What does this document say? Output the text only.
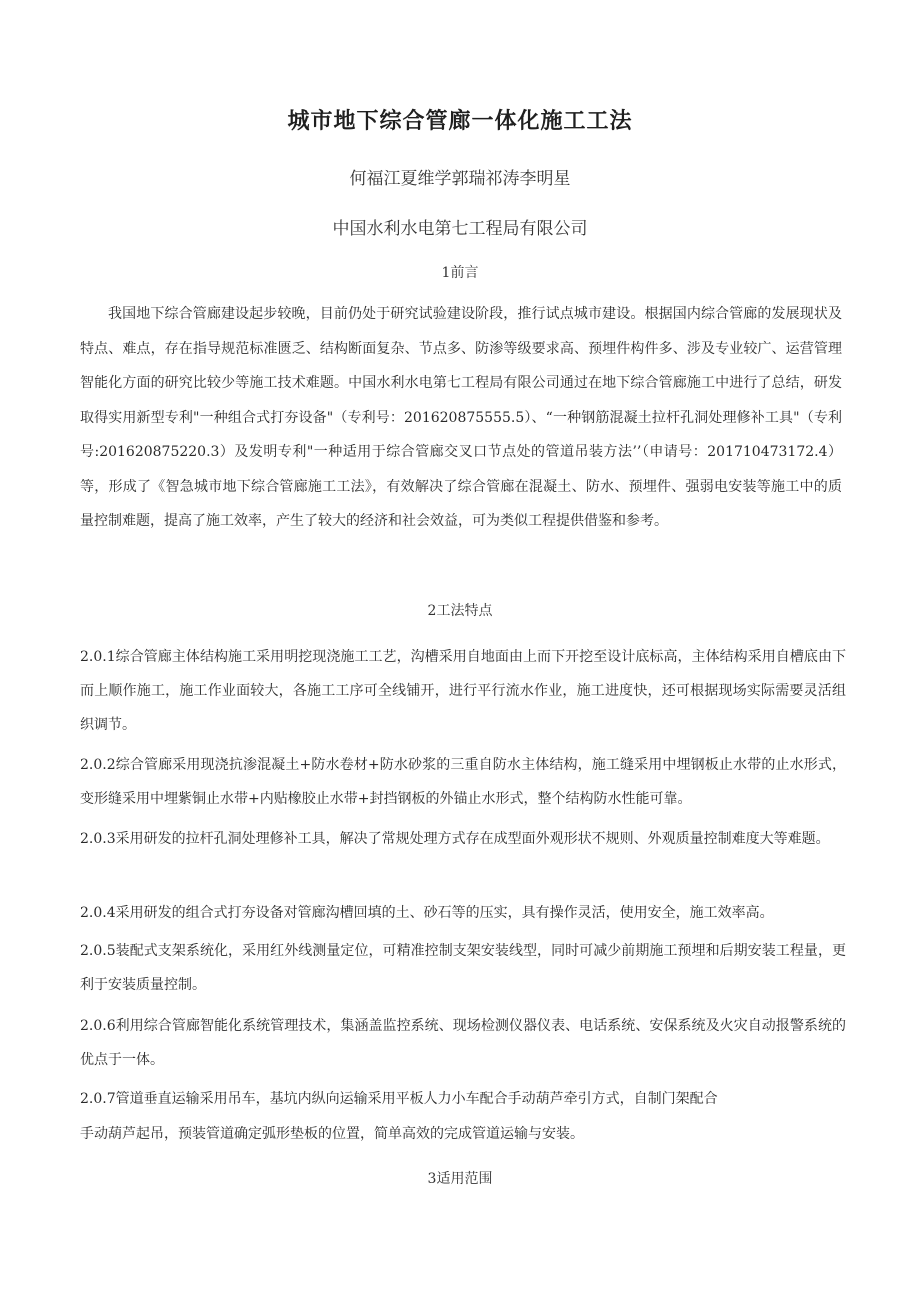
城市地下综合管廊一体化施工工法
何福江夏维学郭瑞祁涛李明星
中国水利水电第七工程局有限公司
1前言
我国地下综合管廊建设起步较晚，目前仍处于研究试验建设阶段，推行试点城市建设。根据国内综合管廊的发展现状及特点、难点，存在指导规范标准匮乏、结构断面复杂、节点多、防渗等级要求高、预埋件构件多、涉及专业较广、运营管理智能化方面的研究比较少等施工技术难题。中国水利水电第七工程局有限公司通过在地下综合管廊施工中进行了总结，研发取得实用新型专利"一种组合式打夯设备"（专利号：201620875555.5）、“一种钢筋混凝土拉杆孔洞处理修补工具"（专利号:201620875220.3）及发明专利"一种适用于综合管廊交叉口节点处的管道吊装方法’’（申请号：201710473172.4）等，形成了《智急城市地下综合管廊施工工法》，有效解决了综合管廊在混凝土、防水、预埋件、强弱电安装等施工中的质量控制难题，提高了施工效率，产生了较大的经济和社会效益，可为类似工程提供借鉴和参考。
2工法特点
2.0.1综合管廊主体结构施工采用明挖现浇施工工艺，沟槽采用自地面由上而下开挖至设计底标高，主体结构采用自槽底由下而上顺作施工，施工作业面较大，各施工工序可全线铺开，进行平行流水作业，施工进度快，还可根据现场实际需要灵活组织调节。
2.0.2综合管廊采用现浇抗渗混凝土+防水卷材+防水砂浆的三重自防水主体结构，施工缝采用中埋钢板止水带的止水形式，变形缝采用中埋紫铜止水带+内贴橡胶止水带+封挡钢板的外锚止水形式，整个结构防水性能可靠。
2.0.3采用研发的拉杆孔洞处理修补工具，解决了常规处理方式存在成型面外观形状不规则、外观质量控制难度大等难题。
2.0.4采用研发的组合式打夯设备对管廊沟槽回填的土、砂石等的压实，具有操作灵活，使用安全，施工效率高。
2.0.5装配式支架系统化，采用红外线测量定位，可精准控制支架安装线型，同时可减少前期施工预埋和后期安装工程量，更利于安装质量控制。
2.0.6利用综合管廊智能化系统管理技术，集涵盖监控系统、现场检测仪器仪表、电话系统、安保系统及火灾自动报警系统的优点于一体。
2.0.7管道垂直运输采用吊车，基坑内纵向运输采用平板人力小车配合手动葫芦牵引方式，自制门架配合
手动葫芦起吊，预装管道确定弧形垫板的位置，简单高效的完成管道运输与安装。
3适用范围
